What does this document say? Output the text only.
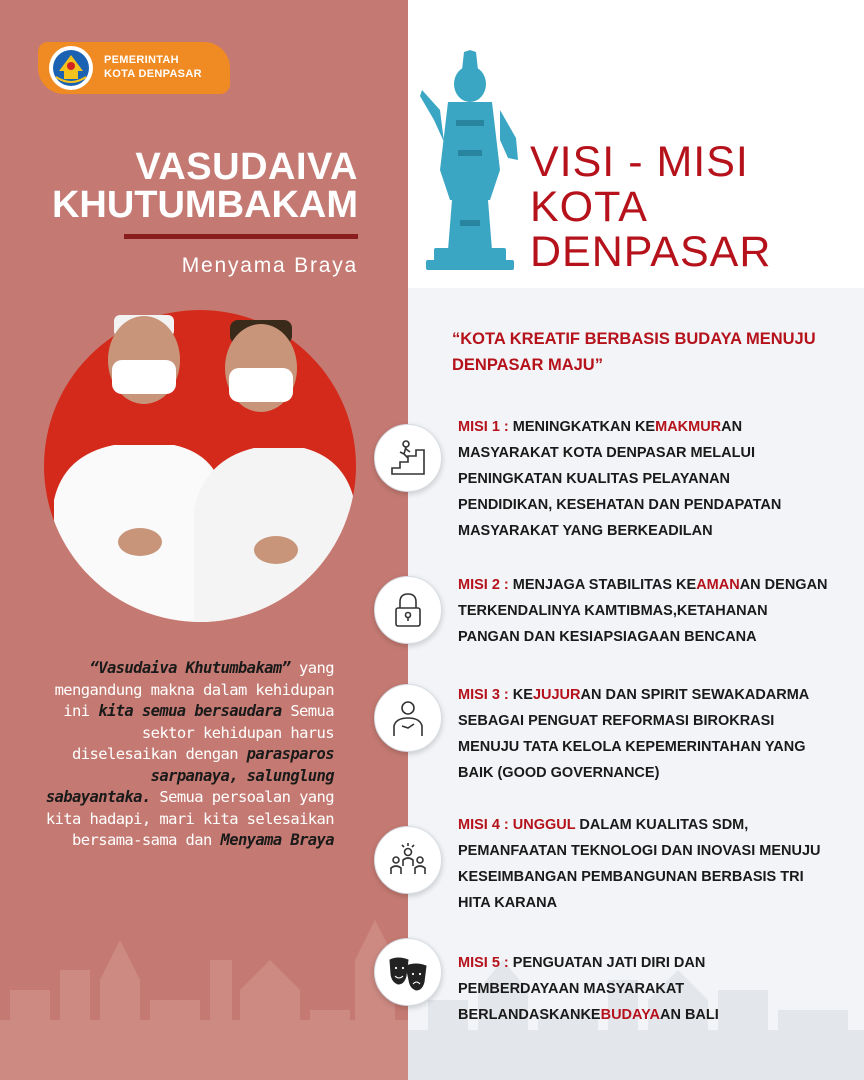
PEMERINTAH
KOTA DENPASAR
VASUDAIVA
KHUTUMBAKAM
Menyama Braya
“Vasudaiva Khutumbakam” yang mengandung makna dalam kehidupan ini kita semua bersaudara Semua sektor kehidupan harus diselesaikan dengan parasparos sarpanaya, salunglung sabayantaka. Semua persoalan yang kita hadapi, mari kita selesaikan bersama-sama dan Menyama Braya
VISI - MISI
KOTA
DENPASAR
“KOTA KREATIF BERBASIS BUDAYA MENUJU
DENPASAR MAJU”
MISI 1 : MENINGKATKAN KEMAKMURAN MASYARAKAT KOTA DENPASAR MELALUI PENINGKATAN KUALITAS PELAYANAN PENDIDIKAN, KESEHATAN DAN PENDAPATAN MASYARAKAT YANG BERKEADILAN
MISI 2 : MENJAGA STABILITAS KEAMANAN DENGAN TERKENDALINYA KAMTIBMAS,KETAHANAN PANGAN DAN KESIAPSIAGAAN BENCANA
MISI 3 : KEJUJURAN DAN SPIRIT SEWAKADARMA SEBAGAI PENGUAT REFORMASI BIROKRASI MENUJU TATA KELOLA KEPEMERINTAHAN YANG BAIK (GOOD GOVERNANCE)
MISI 4 : UNGGUL DALAM KUALITAS SDM, PEMANFAATAN TEKNOLOGI DAN INOVASI MENUJU KESEIMBANGAN PEMBANGUNAN BERBASIS TRI HITA KARANA
MISI 5 : PENGUATAN JATI DIRI DAN PEMBERDAYAAN MASYARAKAT BERLANDASKANKEBUDAYAAN BALI
